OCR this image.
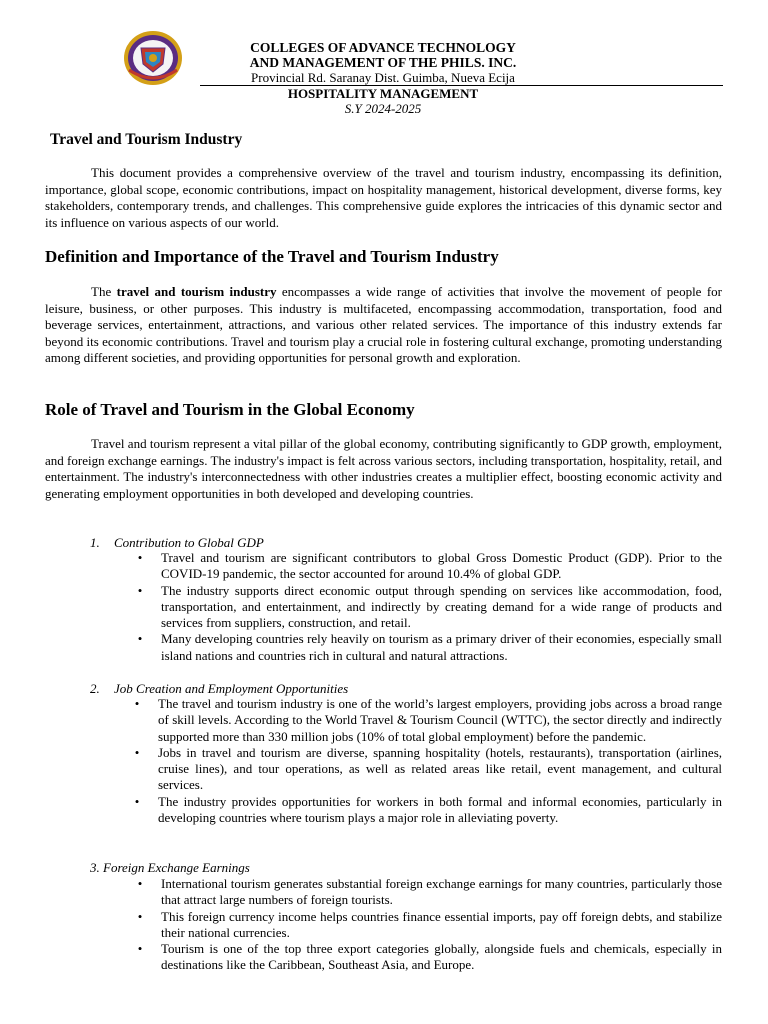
COLLEGES OF ADVANCE TECHNOLOGY
AND MANAGEMENT OF THE PHILS. INC.
Provincial Rd. Saranay Dist. Guimba, Nueva Ecija
HOSPITALITY MANAGEMENT
S.Y 2024-2025
Travel and Tourism Industry

This document provides a comprehensive overview of the travel and tourism industry, encompassing its definition, importance, global scope, economic contributions, impact on hospitality management, historical development, diverse forms, key stakeholders, contemporary trends, and challenges. This comprehensive guide explores the intricacies of this dynamic sector and its influence on various aspects of our world.

Definition and Importance of the Travel and Tourism Industry

The travel and tourism industry encompasses a wide range of activities that involve the movement of people for leisure, business, or other purposes. This industry is multifaceted, encompassing accommodation, transportation, food and beverage services, entertainment, attractions, and various other related services. The importance of this industry extends far beyond its economic contributions. Travel and tourism play a crucial role in fostering cultural exchange, promoting understanding among different societies, and providing opportunities for personal growth and exploration.

Role of Travel and Tourism in the Global Economy

Travel and tourism represent a vital pillar of the global economy, contributing significantly to GDP growth, employment, and foreign exchange earnings. The industry's impact is felt across various sectors, including transportation, hospitality, retail, and entertainment. The industry's interconnectedness with other industries creates a multiplier effect, boosting economic activity and generating employment opportunities in both developed and developing countries.

1. Contribution to Global GDP
• Travel and tourism are significant contributors to global Gross Domestic Product (GDP). Prior to the COVID-19 pandemic, the sector accounted for around 10.4% of global GDP.
• The industry supports direct economic output through spending on services like accommodation, food, transportation, and entertainment, and indirectly by creating demand for a wide range of products and services from suppliers, construction, and retail.
• Many developing countries rely heavily on tourism as a primary driver of their economies, especially small island nations and countries rich in cultural and natural attractions.
2. Job Creation and Employment Opportunities
• The travel and tourism industry is one of the world’s largest employers, providing jobs across a broad range of skill levels. According to the World Travel & Tourism Council (WTTC), the sector directly and indirectly supported more than 330 million jobs (10% of total global employment) before the pandemic.
• Jobs in travel and tourism are diverse, spanning hospitality (hotels, restaurants), transportation (airlines, cruise lines), and tour operations, as well as related areas like retail, event management, and cultural services.
• The industry provides opportunities for workers in both formal and informal economies, particularly in developing countries where tourism plays a major role in alleviating poverty.
3. Foreign Exchange Earnings
• International tourism generates substantial foreign exchange earnings for many countries, particularly those that attract large numbers of foreign tourists.
• This foreign currency income helps countries finance essential imports, pay off foreign debts, and stabilize their national currencies.
• Tourism is one of the top three export categories globally, alongside fuels and chemicals, especially in destinations like the Caribbean, Southeast Asia, and Europe.
